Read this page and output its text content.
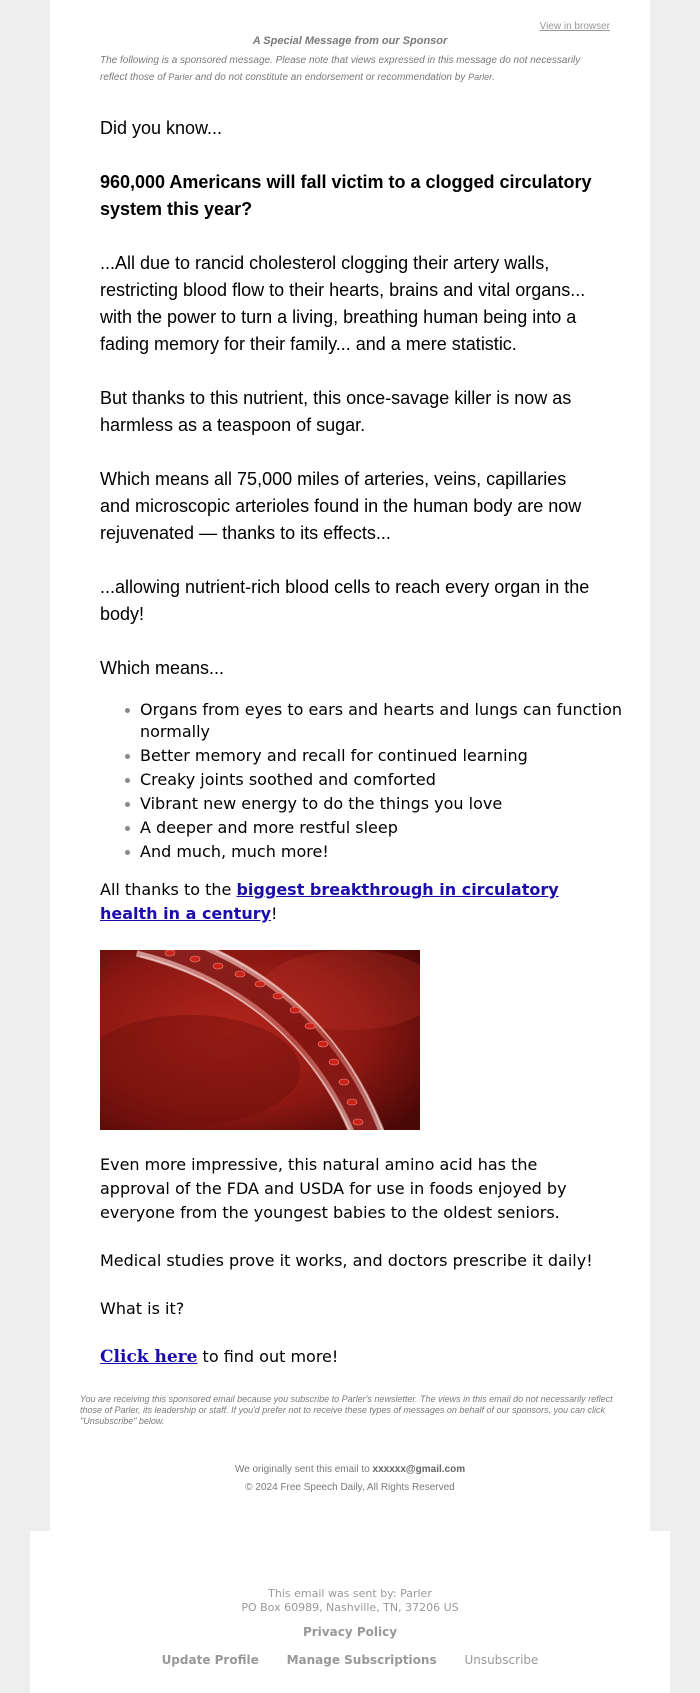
View in browser
A Special Message from our Sponsor
The following is a sponsored message. Please note that views expressed in this message do not necessarily reflect those of Parler and do not constitute an endorsement or recommendation by Parler.
Did you know...
960,000 Americans will fall victim to a clogged circulatory system this year?
...All due to rancid cholesterol clogging their artery walls, restricting blood flow to their hearts, brains and vital organs... with the power to turn a living, breathing human being into a fading memory for their family... and a mere statistic.
But thanks to this nutrient, this once-savage killer is now as harmless as a teaspoon of sugar.
Which means all 75,000 miles of arteries, veins, capillaries and microscopic arterioles found in the human body are now rejuvenated — thanks to its effects...
...allowing nutrient-rich blood cells to reach every organ in the body!
Which means...
Organs from eyes to ears and hearts and lungs can function normally
Better memory and recall for continued learning
Creaky joints soothed and comforted
Vibrant new energy to do the things you love
A deeper and more restful sleep
And much, much more!
All thanks to the biggest breakthrough in circulatory health in a century!
Even more impressive, this natural amino acid has the approval of the FDA and USDA for use in foods enjoyed by everyone from the youngest babies to the oldest seniors.
Medical studies prove it works, and doctors prescribe it daily!
What is it?
Click here to find out more!
You are receiving this sponsored email because you subscribe to Parler's newsletter. The views in this email do not necessarily reflect those of Parler, its leadership or staff. If you'd prefer not to receive these types of messages on behalf of our sponsors, you can click "Unsubscribe" below.
We originally sent this email to xxxxxx@gmail.com
© 2024 Free Speech Daily, All Rights Reserved
This email was sent by: Parler
PO Box 60989, Nashville, TN, 37206 US
Privacy Policy
Update Profile Manage Subscriptions Unsubscribe
